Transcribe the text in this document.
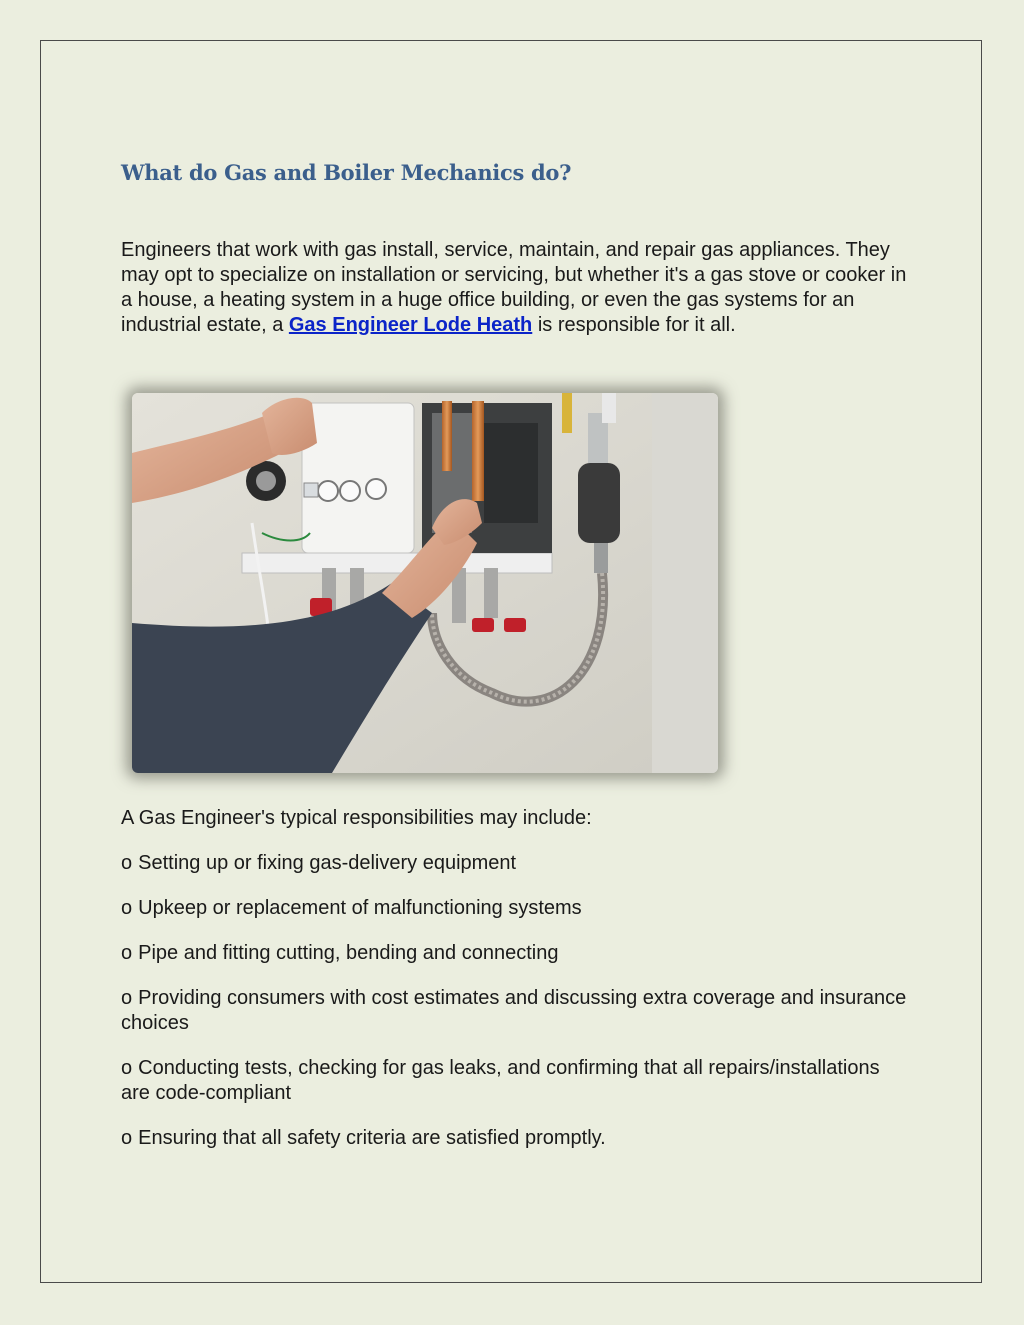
What do Gas and Boiler Mechanics do?

Engineers that work with gas install, service, maintain, and repair gas appliances. They may opt to specialize on installation or servicing, but whether it's a gas stove or cooker in a house, a heating system in a huge office building, or even the gas systems for an industrial estate, a Gas Engineer Lode Heath is responsible for it all.

A Gas Engineer's typical responsibilities may include:

o Setting up or fixing gas-delivery equipment
o Upkeep or replacement of malfunctioning systems
o Pipe and fitting cutting, bending and connecting
o Providing consumers with cost estimates and discussing extra coverage and insurance choices
o Conducting tests, checking for gas leaks, and confirming that all repairs/installations are code-compliant
o Ensuring that all safety criteria are satisfied promptly.
